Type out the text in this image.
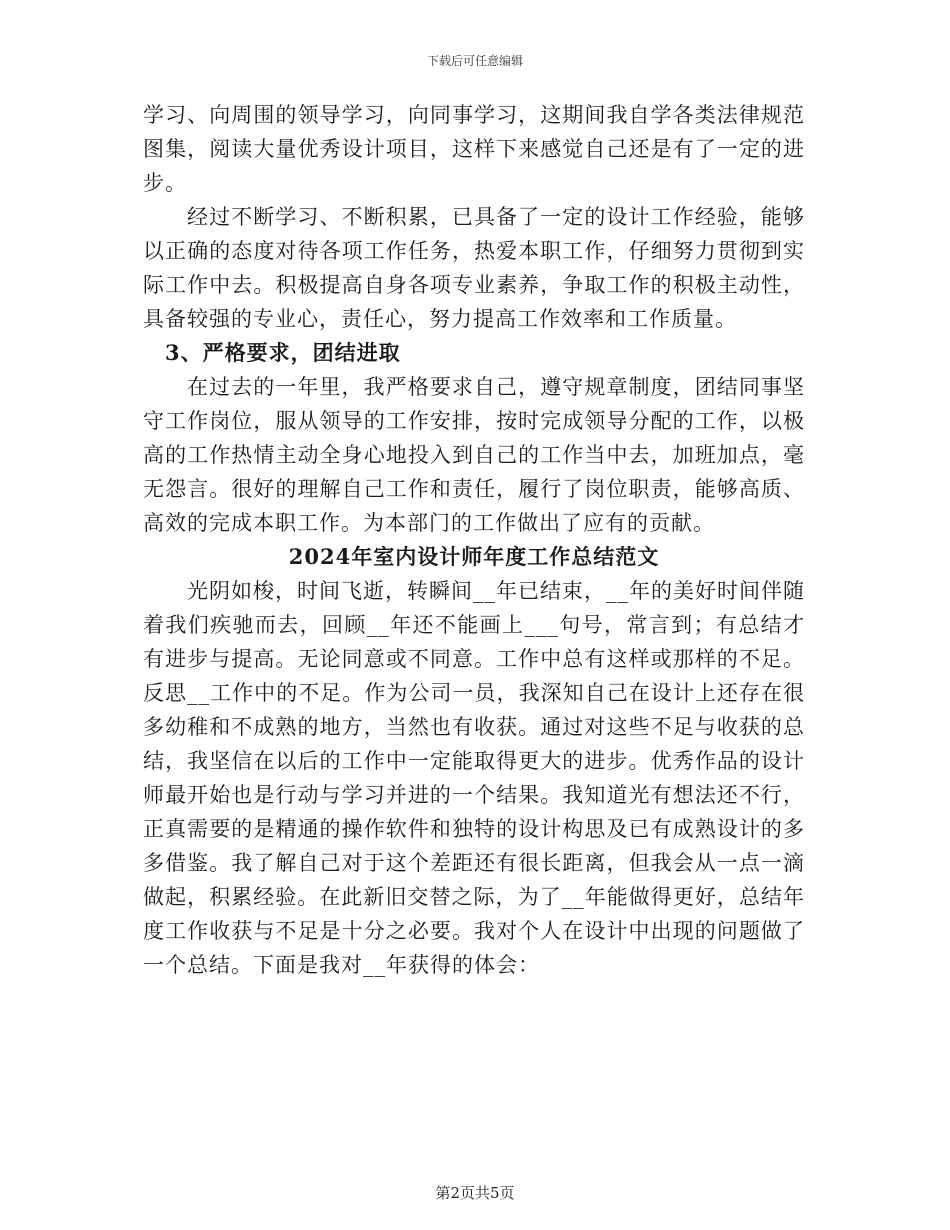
下载后可任意编辑

学习、向周围的领导学习，向同事学习，这期间我自学各类法律规范图集，阅读大量优秀设计项目，这样下来感觉自己还是有了一定的进步。

经过不断学习、不断积累，已具备了一定的设计工作经验，能够以正确的态度对待各项工作任务，热爱本职工作，仔细努力贯彻到实际工作中去。积极提高自身各项专业素养，争取工作的积极主动性，具备较强的专业心，责任心，努力提高工作效率和工作质量。

3、严格要求，团结进取

在过去的一年里，我严格要求自己，遵守规章制度，团结同事坚守工作岗位，服从领导的工作安排，按时完成领导分配的工作，以极高的工作热情主动全身心地投入到自己的工作当中去，加班加点，毫无怨言。很好的理解自己工作和责任，履行了岗位职责，能够高质、高效的完成本职工作。为本部门的工作做出了应有的贡献。

2024年室内设计师年度工作总结范文

光阴如梭，时间飞逝，转瞬间__年已结束，__年的美好时间伴随着我们疾驰而去，回顾__年还不能画上___句号，常言到；有总结才有进步与提高。无论同意或不同意。工作中总有这样或那样的不足。反思__工作中的不足。作为公司一员，我深知自己在设计上还存在很多幼稚和不成熟的地方，当然也有收获。通过对这些不足与收获的总结，我坚信在以后的工作中一定能取得更大的进步。优秀作品的设计师最开始也是行动与学习并进的一个结果。我知道光有想法还不行，正真需要的是精通的操作软件和独特的设计构思及已有成熟设计的多多借鉴。我了解自己对于这个差距还有很长距离，但我会从一点一滴做起，积累经验。在此新旧交替之际，为了__年能做得更好，总结年度工作收获与不足是十分之必要。我对个人在设计中出现的问题做了一个总结。下面是我对__年获得的体会：

第2页共5页
